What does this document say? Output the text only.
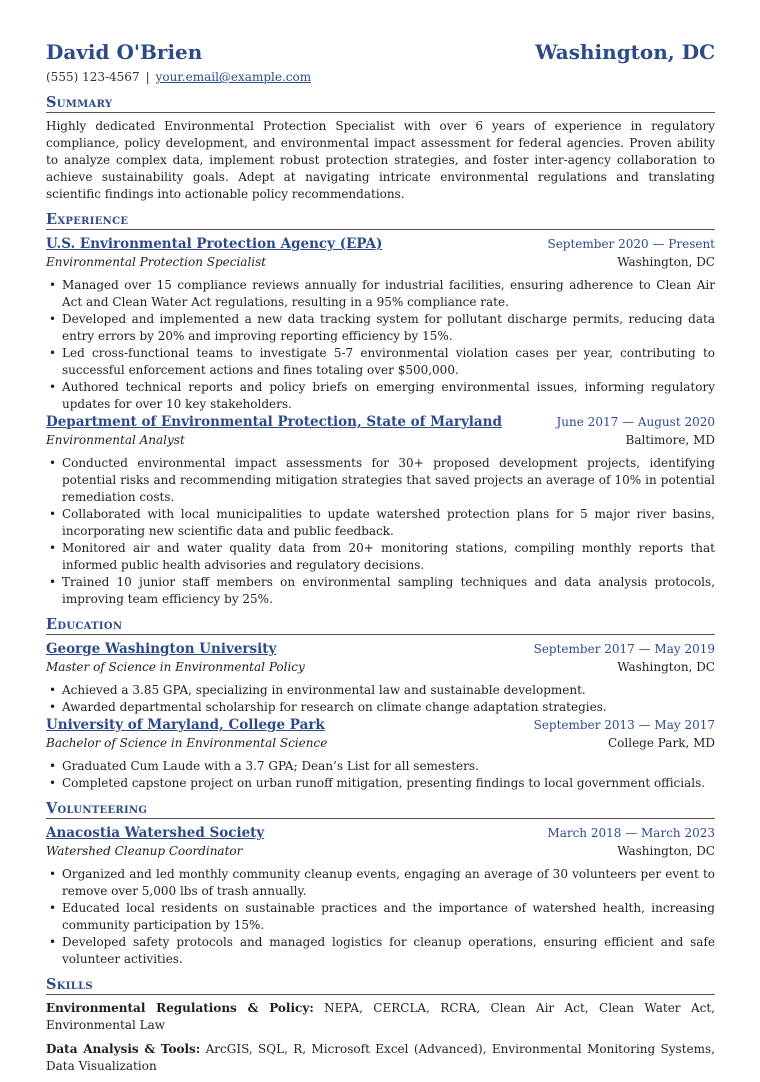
David O'Brien	Washington, DC
(555) 123-4567 | your.email@example.com
Summary
Highly dedicated Environmental Protection Specialist with over 6 years of experience in regulatory compliance, policy development, and environmental impact assessment for federal agencies. Proven ability to analyze complex data, implement robust protection strategies, and foster inter-agency collaboration to achieve sustainability goals. Adept at navigating intricate environmental regulations and translating scientific findings into actionable policy recommendations.
Experience
U.S. Environmental Protection Agency (EPA)	September 2020 — Present
Environmental Protection Specialist	Washington, DC
• Managed over 15 compliance reviews annually for industrial facilities, ensuring adherence to Clean Air Act and Clean Water Act regulations, resulting in a 95% compliance rate.
• Developed and implemented a new data tracking system for pollutant discharge permits, reducing data entry errors by 20% and improving reporting efficiency by 15%.
• Led cross-functional teams to investigate 5-7 environmental violation cases per year, contributing to successful enforcement actions and fines totaling over $500,000.
• Authored technical reports and policy briefs on emerging environmental issues, informing regulatory updates for over 10 key stakeholders.
Department of Environmental Protection, State of Maryland	June 2017 — August 2020
Environmental Analyst	Baltimore, MD
• Conducted environmental impact assessments for 30+ proposed development projects, identifying potential risks and recommending mitigation strategies that saved projects an average of 10% in potential remediation costs.
• Collaborated with local municipalities to update watershed protection plans for 5 major river basins, incorporating new scientific data and public feedback.
• Monitored air and water quality data from 20+ monitoring stations, compiling monthly reports that informed public health advisories and regulatory decisions.
• Trained 10 junior staff members on environmental sampling techniques and data analysis protocols, improving team efficiency by 25%.
Education
George Washington University	September 2017 — May 2019
Master of Science in Environmental Policy	Washington, DC
• Achieved a 3.85 GPA, specializing in environmental law and sustainable development.
• Awarded departmental scholarship for research on climate change adaptation strategies.
University of Maryland, College Park	September 2013 — May 2017
Bachelor of Science in Environmental Science	College Park, MD
• Graduated Cum Laude with a 3.7 GPA; Dean’s List for all semesters.
• Completed capstone project on urban runoff mitigation, presenting findings to local government officials.
Volunteering
Anacostia Watershed Society	March 2018 — March 2023
Watershed Cleanup Coordinator	Washington, DC
• Organized and led monthly community cleanup events, engaging an average of 30 volunteers per event to remove over 5,000 lbs of trash annually.
• Educated local residents on sustainable practices and the importance of watershed health, increasing community participation by 15%.
• Developed safety protocols and managed logistics for cleanup operations, ensuring efficient and safe volunteer activities.
Skills
Environmental Regulations & Policy: NEPA, CERCLA, RCRA, Clean Air Act, Clean Water Act, Environmental Law
Data Analysis & Tools: ArcGIS, SQL, R, Microsoft Excel (Advanced), Environmental Monitoring Systems, Data Visualization
